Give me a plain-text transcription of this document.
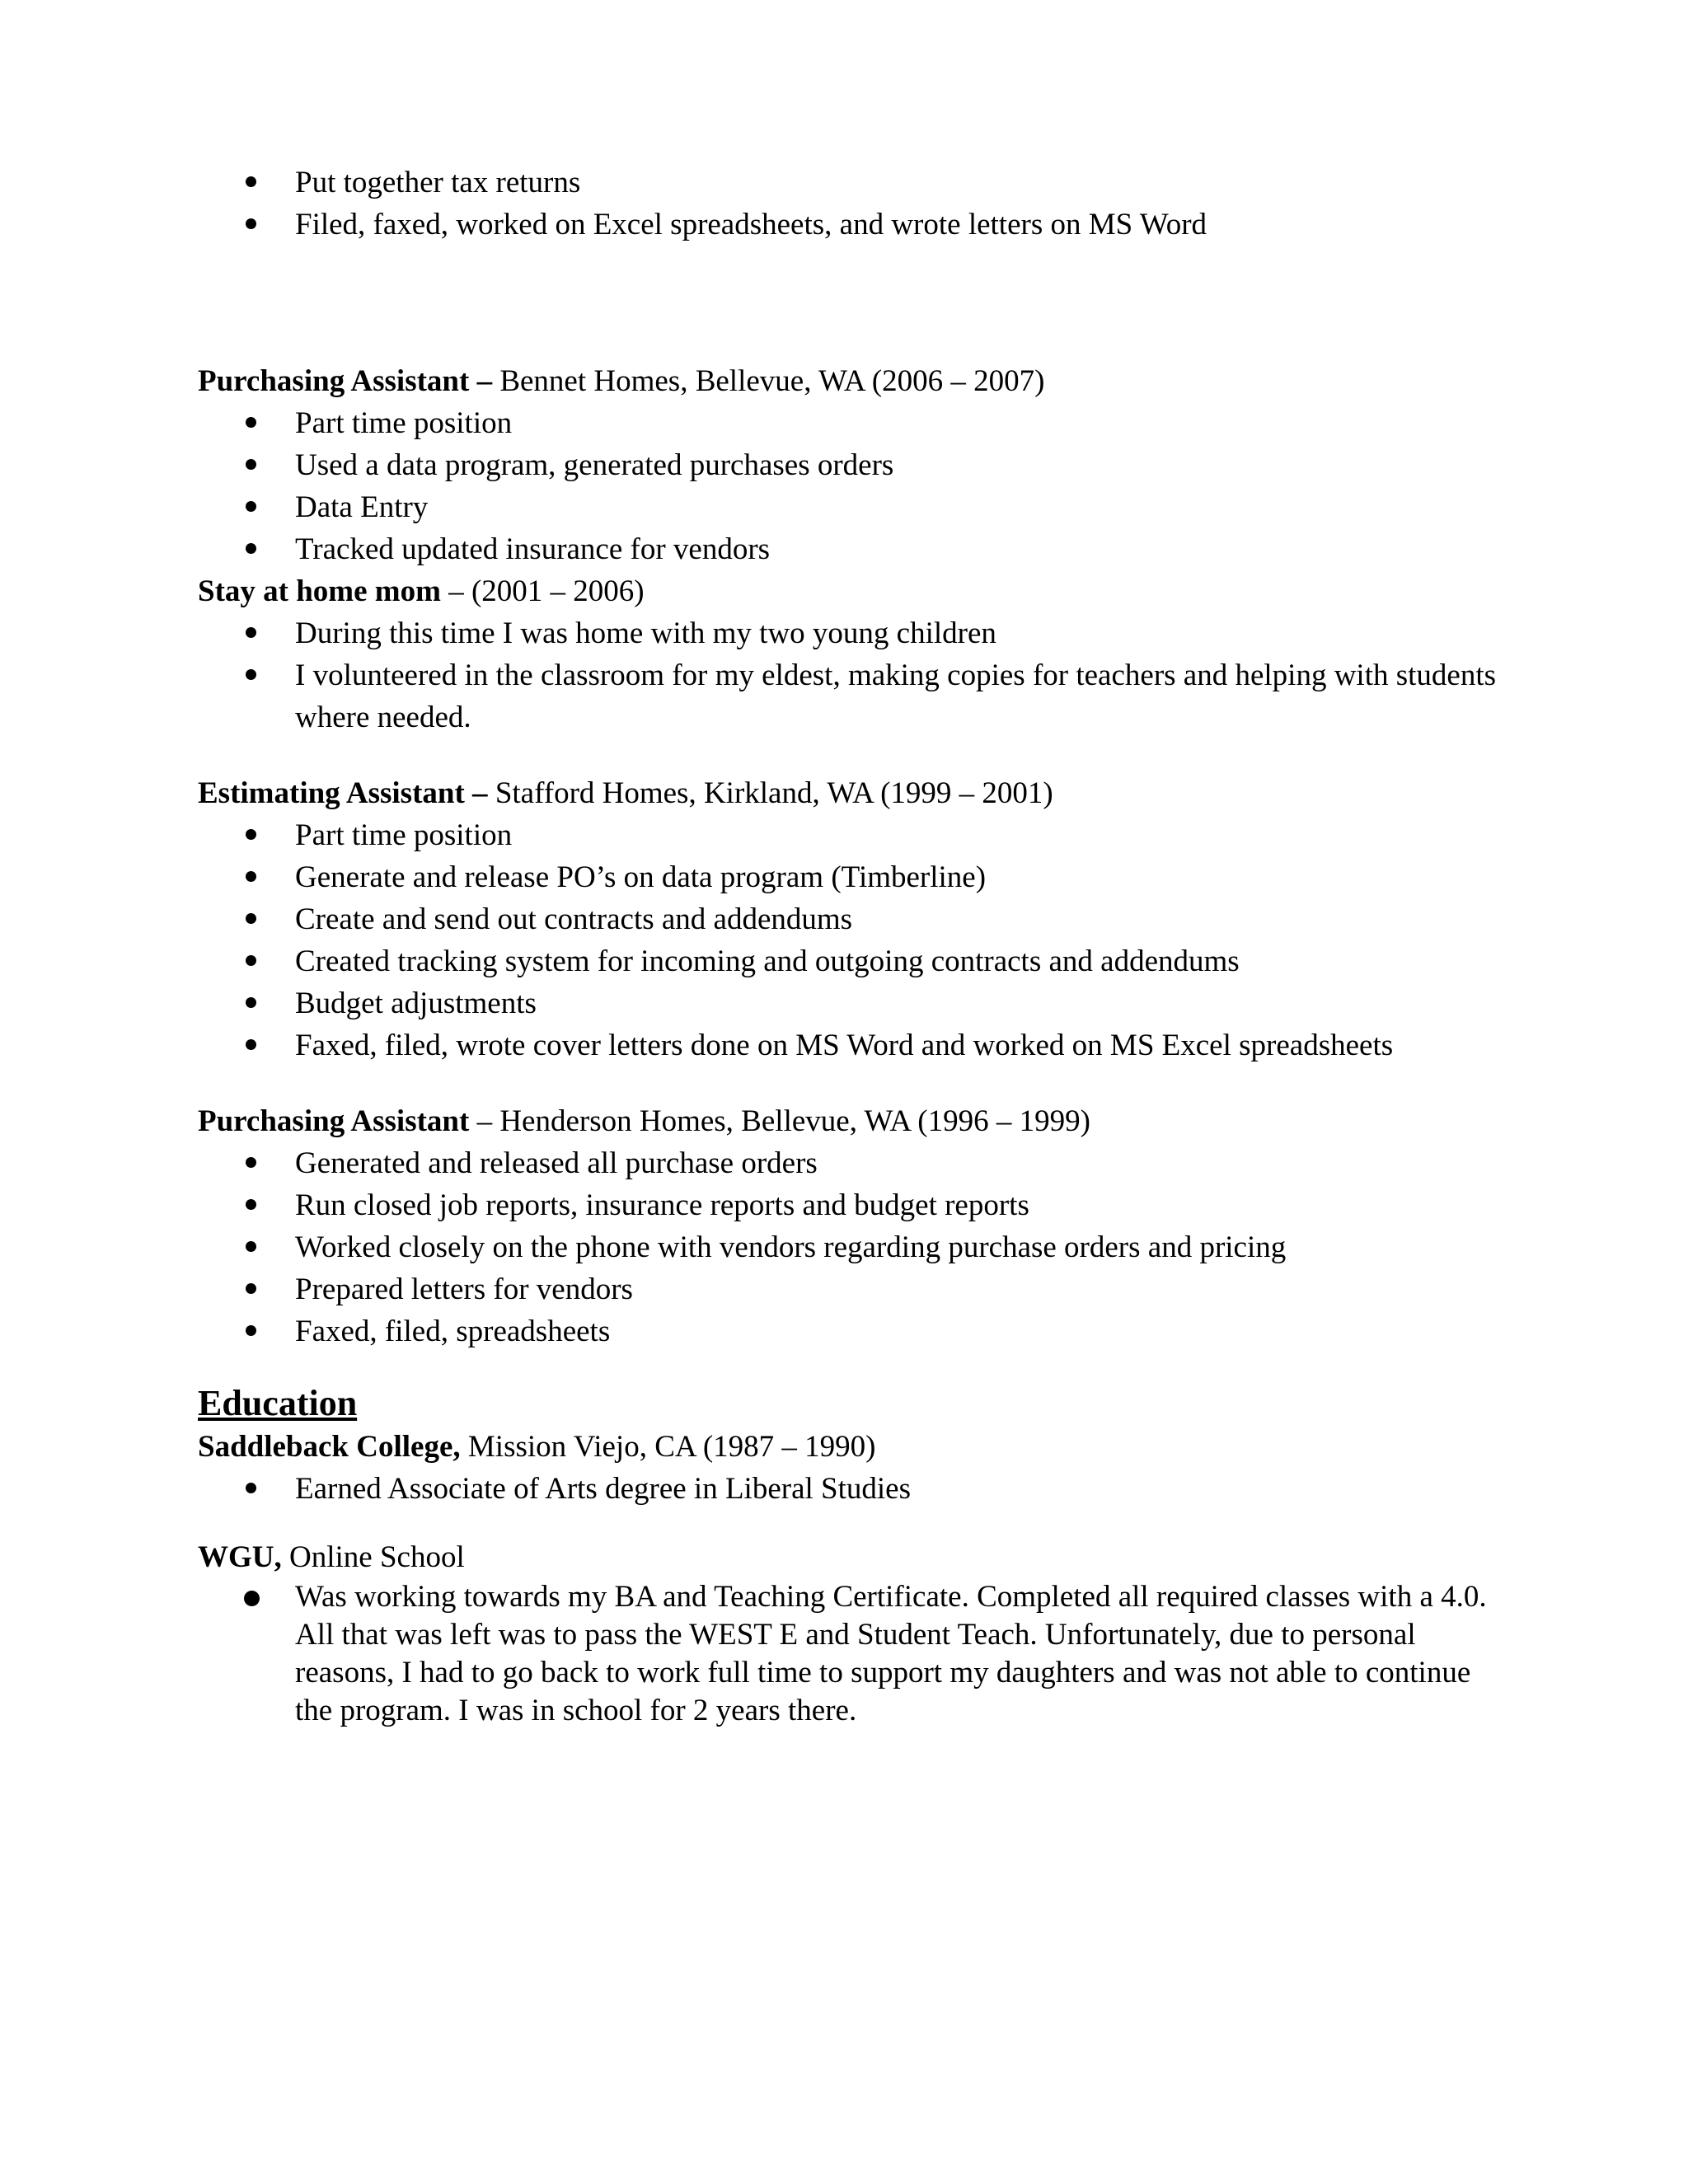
Put together tax returns
Filed, faxed, worked on Excel spreadsheets, and wrote letters on MS Word

Purchasing Assistant – Bennet Homes, Bellevue, WA (2006 – 2007)

Part time position
Used a data program, generated purchases orders
Data Entry
Tracked updated insurance for vendors

Stay at home mom – (2001 – 2006)

During this time I was home with my two young children
I volunteered in the classroom for my eldest, making copies for teachers and helping with students where needed.

Estimating Assistant – Stafford Homes, Kirkland, WA (1999 – 2001)

Part time position
Generate and release PO’s on data program (Timberline)
Create and send out contracts and addendums
Created tracking system for incoming and outgoing contracts and addendums
Budget adjustments
Faxed, filed, wrote cover letters done on MS Word and worked on MS Excel spreadsheets

Purchasing Assistant – Henderson Homes, Bellevue, WA (1996 – 1999)

Generated and released all purchase orders
Run closed job reports, insurance reports and budget reports
Worked closely on the phone with vendors regarding purchase orders and pricing
Prepared letters for vendors
Faxed, filed, spreadsheets
Education

Saddleback College, Mission Viejo, CA (1987 – 1990)

Earned Associate of Arts degree in Liberal Studies

WGU, Online School

Was working towards my BA and Teaching Certificate. Completed all required classes with a 4.0. All that was left was to pass the WEST E and Student Teach. Unfortunately, due to personal reasons, I had to go back to work full time to support my daughters and was not able to continue the program. I was in school for 2 years there.
